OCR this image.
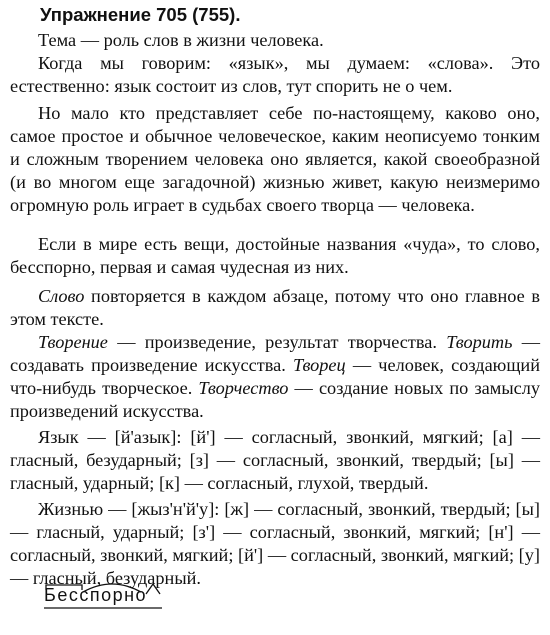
Упражнение 705 (755).

Тема — роль слов в жизни человека.

Когда мы говорим: «язык», мы думаем: «слова». Это естественно: язык состоит из слов, тут спорить не о чем.

Но мало кто представляет себе по-настоящему, каково оно, самое простое и обычное человеческое, каким неописуемо тонким и сложным творением человека оно является, какой своеобразной (и во многом еще загадочной) жизнью живет, какую неизмеримо огромную роль играет в судьбах своего творца — человека.

Если в мире есть вещи, достойные названия «чуда», то слово, бесспорно, первая и самая чудесная из них.

Слово повторяется в каждом абзаце, потому что оно главное в этом тексте.

Творение — произведение, результат творчества. Творить — создавать произведение искусства. Творец — человек, создающий что-нибудь творческое. Творчество — создание новых по замыслу произведений искусства.

Язык — [й'азык]: [й'] — согласный, звонкий, мягкий; [а] — гласный, безударный; [з] — согласный, звонкий, твердый; [ы] — гласный, ударный; [к] — согласный, глухой, твердый.

Жизнью — [жыз'н'й'у]: [ж] — согласный, звонкий, твердый; [ы] — гласный, ударный; [з'] — согласный, звонкий, мягкий; [н'] — согласный, звонкий, мягкий; [й'] — согласный, звонкий, мягкий; [у] — гласный, безударный.

Бесспорно
